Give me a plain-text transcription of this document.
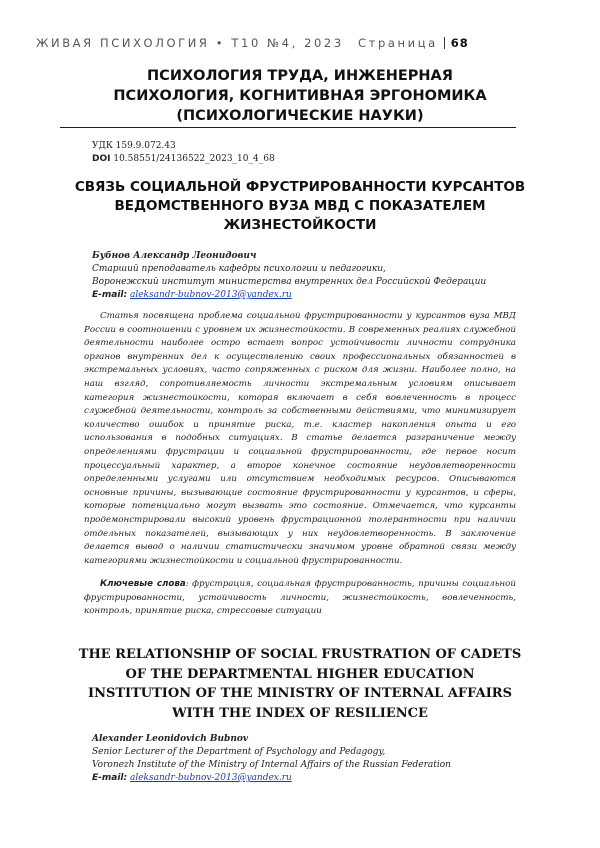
ЖИВАЯ ПСИХОЛОГИЯ • Т10 №4, 2023 Страница 68
ПСИХОЛОГИЯ ТРУДА, ИНЖЕНЕРНАЯ
ПСИХОЛОГИЯ, КОГНИТИВНАЯ ЭРГОНОМИКА
(ПСИХОЛОГИЧЕСКИЕ НАУКИ)
УДК 159.9.072.43
DOI 10.58551/24136522_2023_10_4_68
СВЯЗЬ СОЦИАЛЬНОЙ ФРУСТРИРОВАННОСТИ КУРСАНТОВ
ВЕДОМСТВЕННОГО ВУЗА МВД С ПОКАЗАТЕЛЕМ
ЖИЗНЕСТОЙКОСТИ
Бубнов Александр Леонидович
Старший преподаватель кафедры психологии и педагогики,
Воронежский институт министерства внутренних дел Российской Федерации
E-mail: aleksandr-bubnov-2013@yandex.ru
Статья посвящена проблема социальной фрустрированности у курсантов вуза МВД России в соотношении с уровнем их жизнестойкости. В современных реалиях служебной деятельности наиболее остро встает вопрос устойчивости личности сотрудника органов внутренних дел к осуществлению своих профессиональных обязанностей в экстремальных условиях, часто сопряженных с риском для жизни. Наиболее полно, на наш взгляд, сопротивляемость личности экстремальным условиям описывает категория жизнестойкости, которая включает в себя вовлеченность в процесс служебной деятельности, контроль за собственными действиями, что минимизирует количество ошибок и принятие риска, т.е. кластер накопления опыта и его использования в подобных ситуациях. В статье делается разграничение между определениями фрустрации и социальной фрустрированности, где первое носит процессуальный характер, а второе конечное состояние неудовлетворенности определенными услугами или отсутствием необходимых ресурсов. Описываются основные причины, вызывающие состояние фрустрированности у курсантов, и сферы, которые потенциально могут вызвать это состояние. Отмечается, что курсанты продемонстрировали высокий уровень фрустрационной толерантности при наличии отдельных показателей, вызывающих у них неудовлетворенность. В заключение делается вывод о наличии статистически значимом уровне обратной связи между категориями жизнестойкости и социальной фрустрированности.
Ключевые слова: фрустрация, социальная фрустрированность, причины социальной фрустрированности, устойчивость личности, жизнестойкость, вовлеченность, контроль, принятие риска, стрессовые ситуации
THE RELATIONSHIP OF SOCIAL FRUSTRATION OF CADETS
OF THE DEPARTMENTAL HIGHER EDUCATION
INSTITUTION OF THE MINISTRY OF INTERNAL AFFAIRS
WITH THE INDEX OF RESILIENCE
Alexander Leonidovich Bubnov
Senior Lecturer of the Department of Psychology and Pedagogy,
Voronezh Institute of the Ministry of Internal Affairs of the Russian Federation
E-mail: aleksandr-bubnov-2013@yandex.ru
